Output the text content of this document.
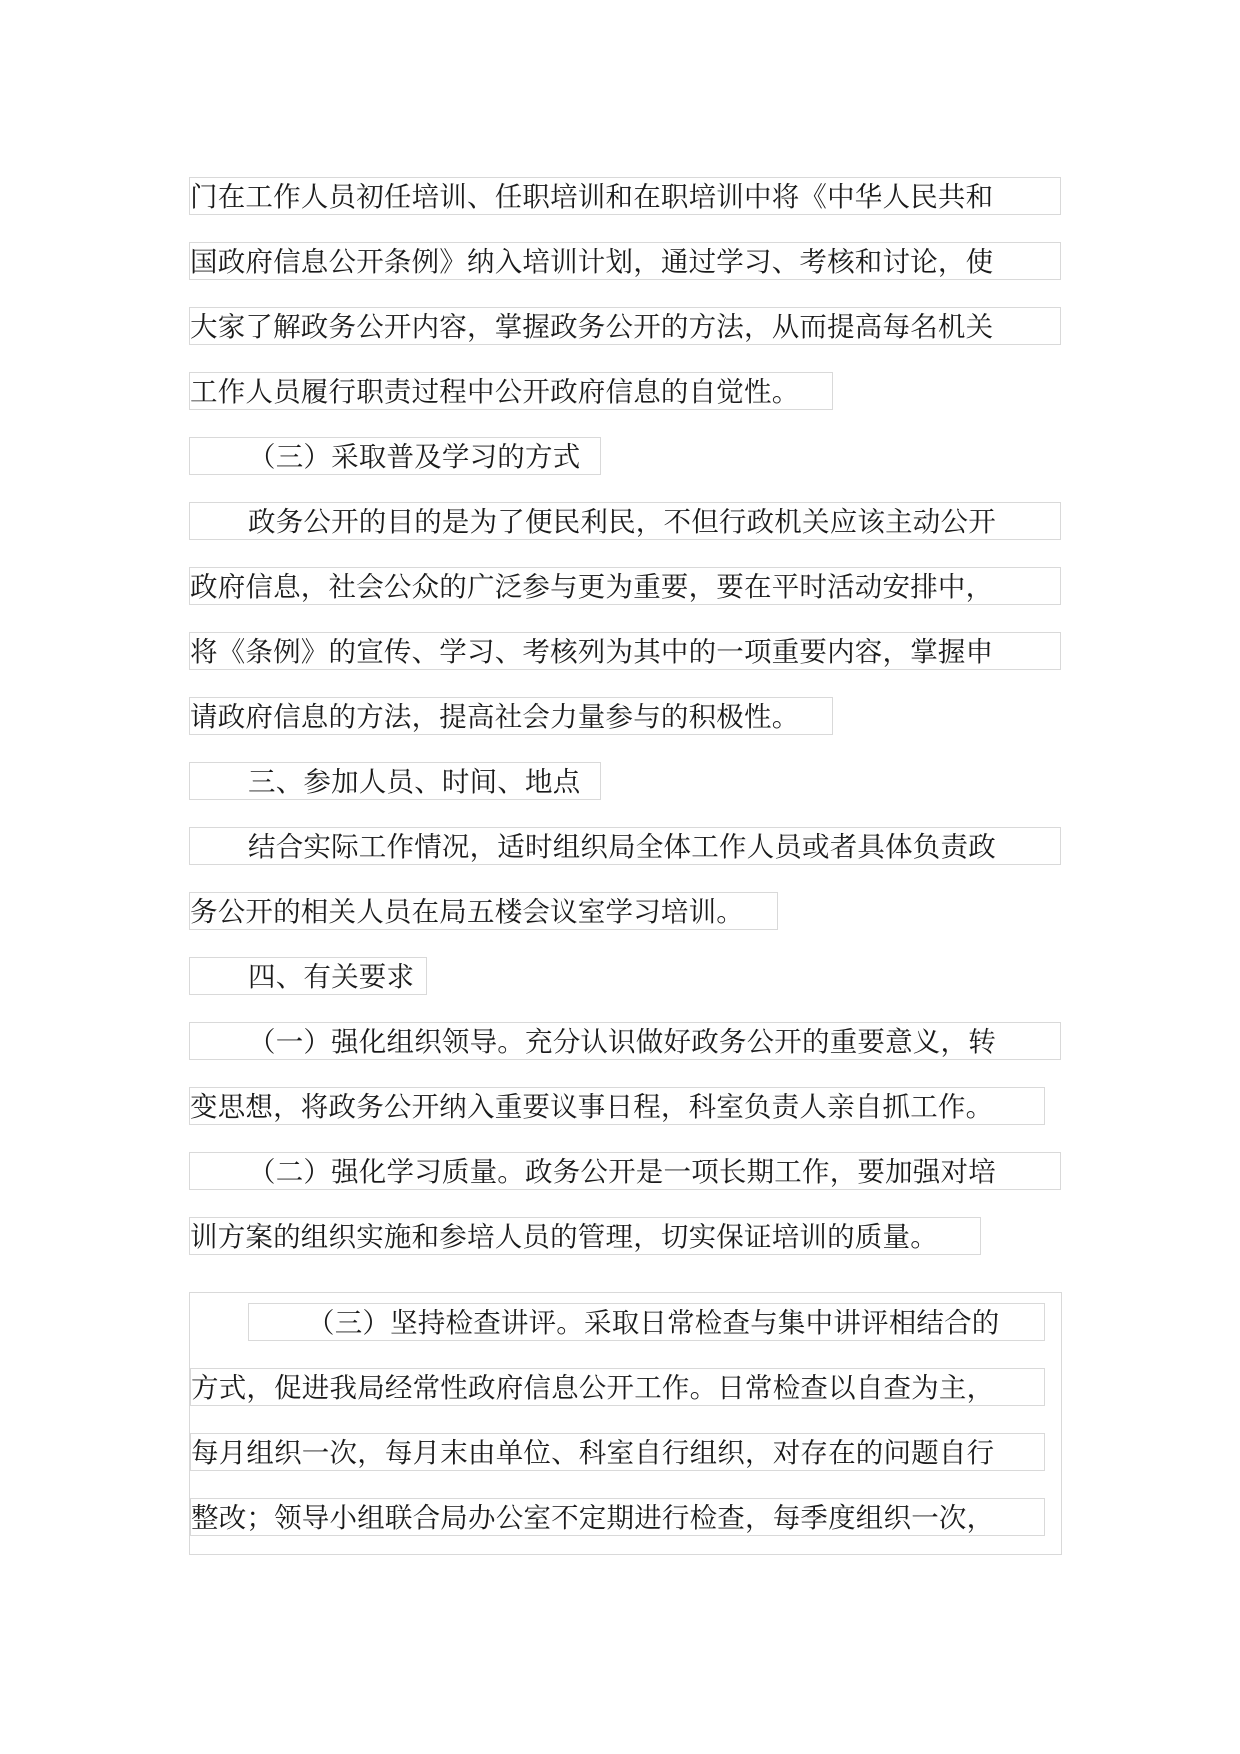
门在工作人员初任培训、任职培训和在职培训中将《中华人民共和
国政府信息公开条例》纳入培训计划，通过学习、考核和讨论，使
大家了解政务公开内容，掌握政务公开的方法，从而提高每名机关
工作人员履行职责过程中公开政府信息的自觉性。
（三）采取普及学习的方式
政务公开的目的是为了便民利民，不但行政机关应该主动公开
政府信息，社会公众的广泛参与更为重要，要在平时活动安排中，
将《条例》的宣传、学习、考核列为其中的一项重要内容，掌握申
请政府信息的方法，提高社会力量参与的积极性。
三、参加人员、时间、地点
结合实际工作情况，适时组织局全体工作人员或者具体负责政
务公开的相关人员在局五楼会议室学习培训。
四、有关要求
（一）强化组织领导。充分认识做好政务公开的重要意义，转
变思想，将政务公开纳入重要议事日程，科室负责人亲自抓工作。
（二）强化学习质量。政务公开是一项长期工作，要加强对培
训方案的组织实施和参培人员的管理，切实保证培训的质量。
（三）坚持检查讲评。采取日常检查与集中讲评相结合的
方式，促进我局经常性政府信息公开工作。日常检查以自查为主，
每月组织一次，每月末由单位、科室自行组织，对存在的问题自行
整改；领导小组联合局办公室不定期进行检查，每季度组织一次，
